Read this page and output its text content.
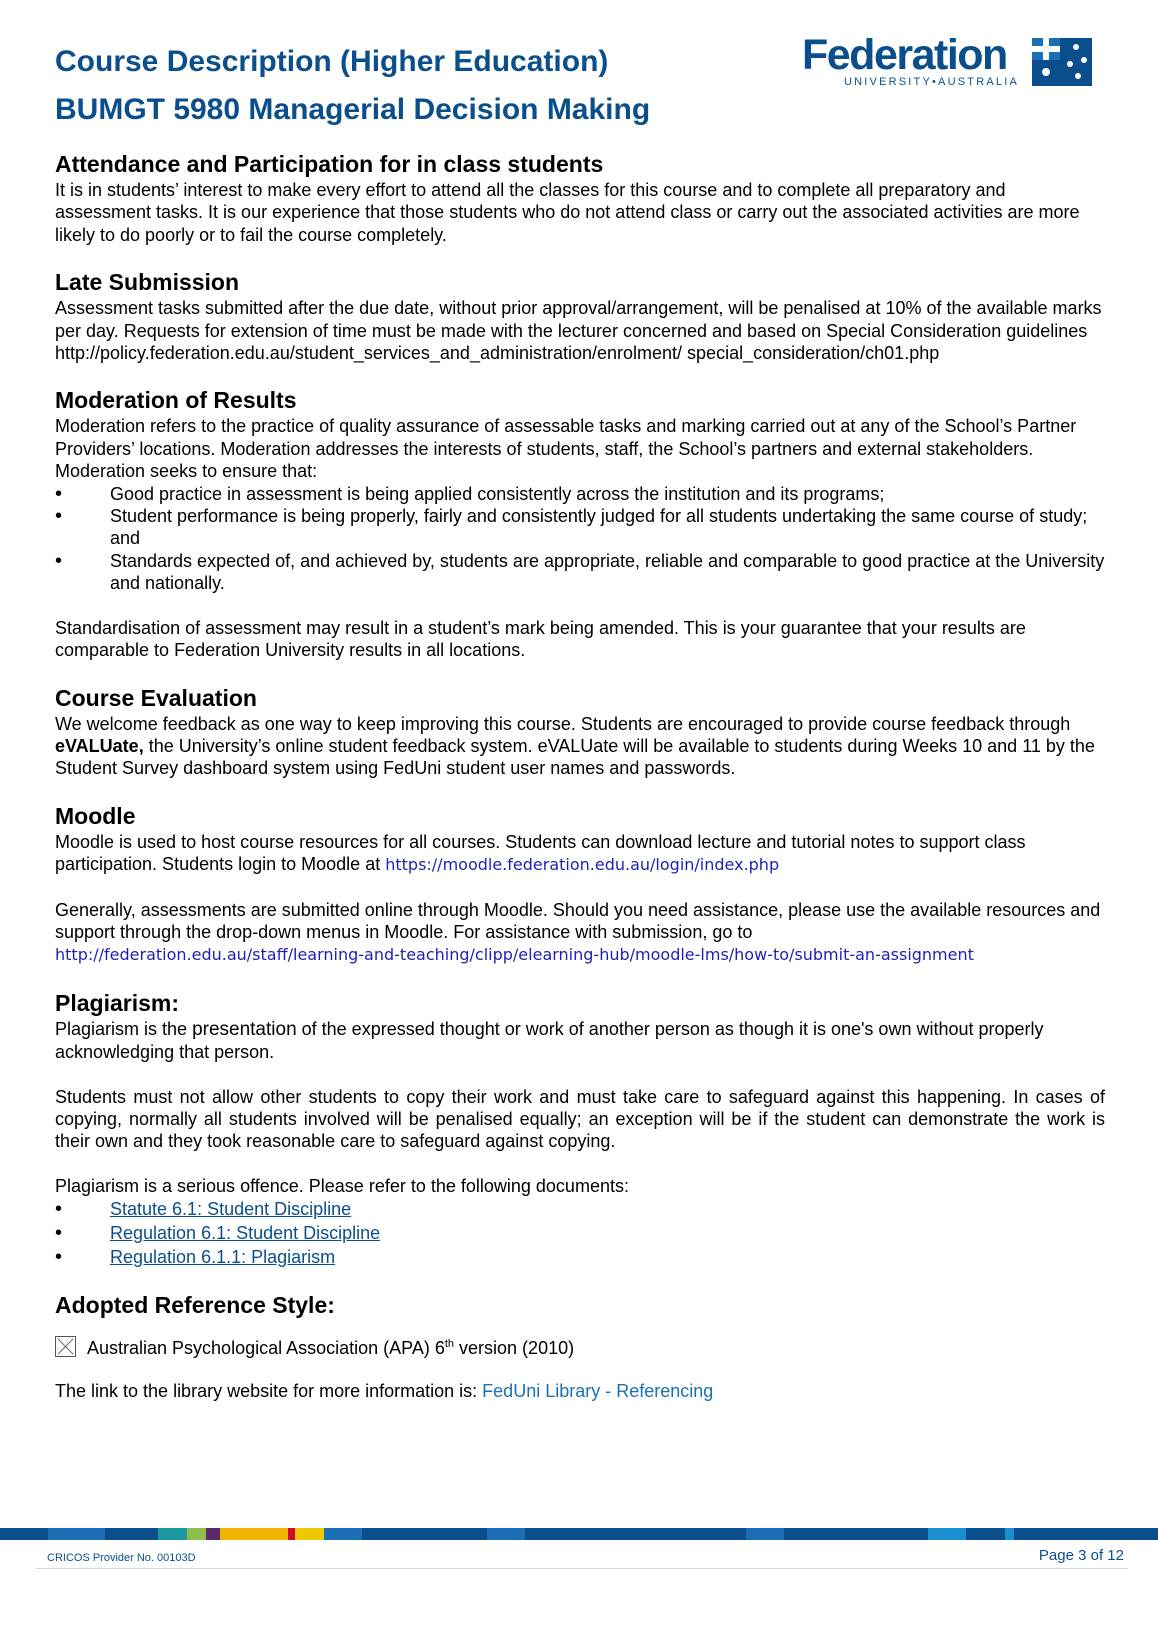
Course Description (Higher Education)
BUMGT 5980 Managerial Decision Making
Federation
UNIVERSITY•AUSTRALIA
Attendance and Participation for in class students

It is in students’ interest to make every effort to attend all the classes for this course and to complete all preparatory and assessment tasks. It is our experience that those students who do not attend class or carry out the associated activities are more likely to do poorly or to fail the course completely.

Late Submission

Assessment tasks submitted after the due date, without prior approval/arrangement, will be penalised at 10% of the available marks per day. Requests for extension of time must be made with the lecturer concerned and based on Special Consideration guidelines http://policy.federation.edu.au/student_services_and_administration/enrolment/ special_consideration/ch01.php

Moderation of Results

Moderation refers to the practice of quality assurance of assessable tasks and marking carried out at any of the School’s Partner Providers’ locations. Moderation addresses the interests of students, staff, the School’s partners and external stakeholders. Moderation seeks to ensure that:

• Good practice in assessment is being applied consistently across the institution and its programs;
• Student performance is being properly, fairly and consistently judged for all students undertaking the same course of study; and
• Standards expected of, and achieved by, students are appropriate, reliable and comparable to good practice at the University and nationally.

Standardisation of assessment may result in a student’s mark being amended. This is your guarantee that your results are comparable to Federation University results in all locations.

Course Evaluation

We welcome feedback as one way to keep improving this course. Students are encouraged to provide course feedback through eVALUate, the University’s online student feedback system. eVALUate will be available to students during Weeks 10 and 11 by the Student Survey dashboard system using FedUni student user names and passwords.

Moodle

Moodle is used to host course resources for all courses. Students can download lecture and tutorial notes to support class participation. Students login to Moodle at https://moodle.federation.edu.au/login/index.php

Generally, assessments are submitted online through Moodle. Should you need assistance, please use the available resources and support through the drop-down menus in Moodle. For assistance with submission, go to
http://federation.edu.au/staff/learning-and-teaching/clipp/elearning-hub/moodle-lms/how-to/submit-an-assignment

Plagiarism:

Plagiarism is the presentation of the expressed thought or work of another person as though it is one's own without properly acknowledging that person.

Students must not allow other students to copy their work and must take care to safeguard against this happening. In cases of copying, normally all students involved will be penalised equally; an exception will be if the student can demonstrate the work is their own and they took reasonable care to safeguard against copying.

Plagiarism is a serious offence. Please refer to the following documents:

• Statute 6.1: Student Discipline
• Regulation 6.1: Student Discipline
• Regulation 6.1.1: Plagiarism
Adopted Reference Style:
Australian Psychological Association (APA) 6th version (2010)

The link to the library website for more information is: FedUni Library - Referencing

CRICOS Provider No. 00103D	Page 3 of 12
